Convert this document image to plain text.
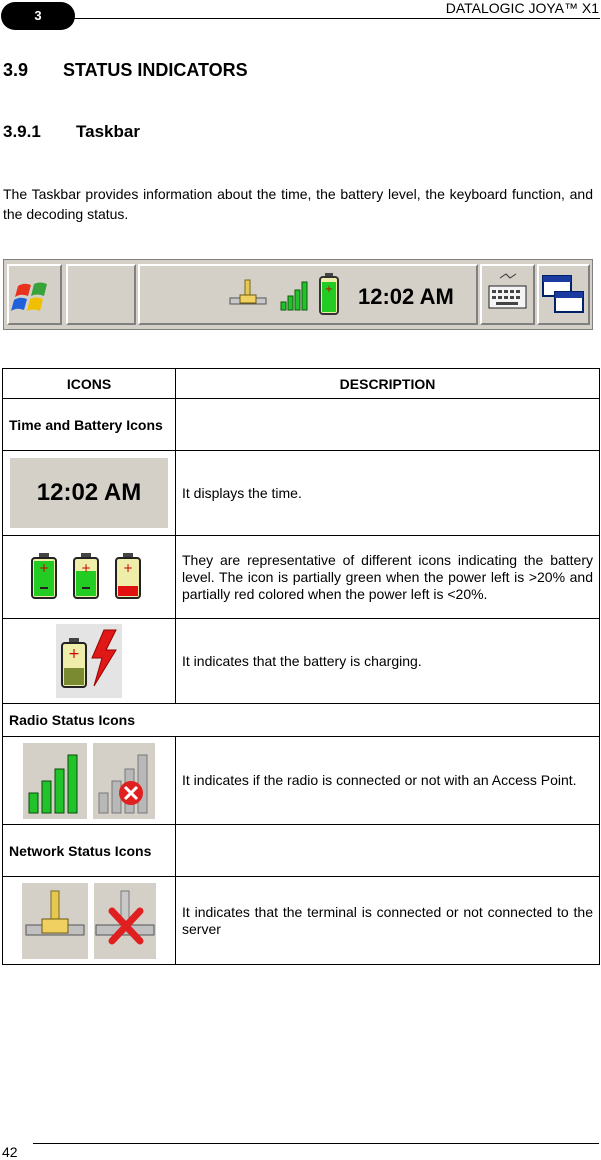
3	DATALOGIC JOYA™ X1
3.9 STATUS INDICATORS
3.9.1 Taskbar

The Taskbar provides information about the time, the battery level, the keyboard function, and the decoding status.

+ 12:02 AM
ICONS	DESCRIPTION
Time and Battery Icons	
12:02 AM	It displays the time.

+ + +	They are representative of different icons indicating the battery level. The icon is partially green when the power left is >20% and partially red colored when the power left is <20%.

+	It indicates that the battery is charging.
Radio Status Icons	
	It indicates if the radio is connected or not with an Access Point.
Network Status Icons	
	It indicates that the terminal is connected or not connected to the server
42
